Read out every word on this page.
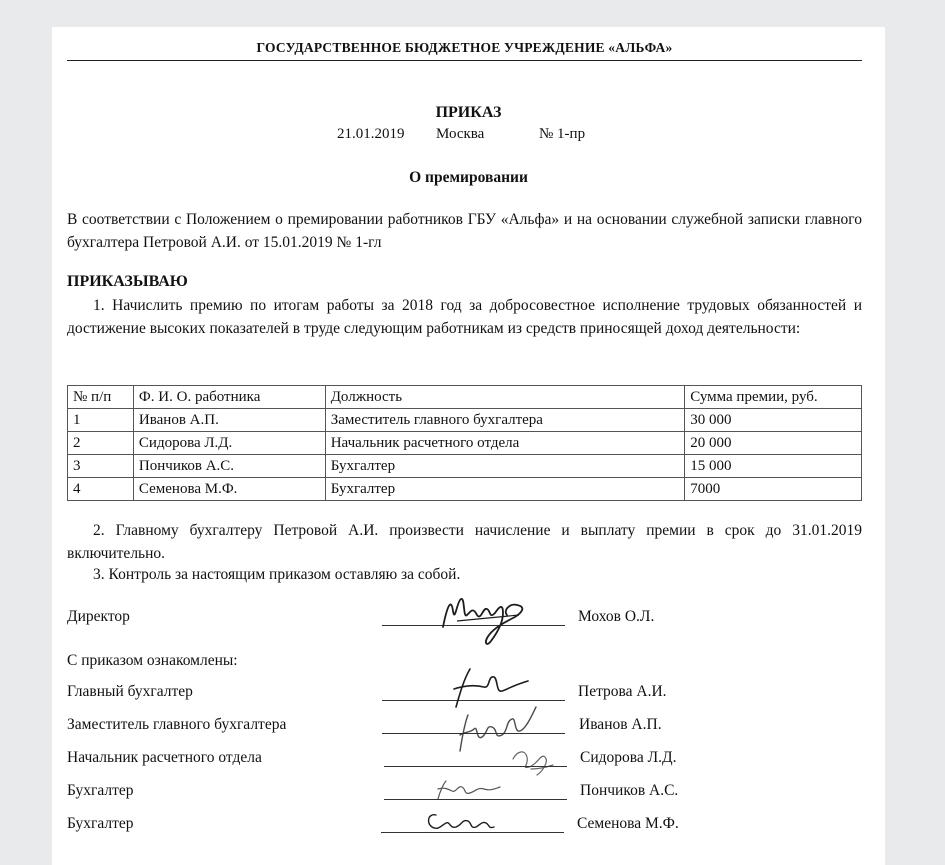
ГОСУДАРСТВЕННОЕ БЮДЖЕТНОЕ УЧРЕЖДЕНИЕ «АЛЬФА»
ПРИКАЗ
21.01.2019 Москва	№ 1-пр
О премировании
В соответствии с Положением о премировании работников ГБУ «Альфа» и на основании служебной записки главного бухгалтера Петровой А.И. от 15.01.2019 № 1-гл
ПРИКАЗЫВАЮ
1. Начислить премию по итогам работы за 2018 год за добросовестное исполнение трудовых обязанностей и достижение высоких показателей в труде следующим работникам из средств приносящей доход деятельности:
№ п/п	Ф. И. О. работника	Должность	Сумма премии, руб.
1	Иванов А.П.	Заместитель главного бухгалтера	30 000
2	Сидорова Л.Д.	Начальник расчетного отдела	20 000
3	Пончиков А.С.	Бухгалтер	15 000
4	Семенова М.Ф.	Бухгалтер	7000
2. Главному бухгалтеру Петровой А.И. произвести начисление и выплату премии в срок до 31.01.2019 включительно.
3. Контроль за настоящим приказом оставляю за собой.
Директор	Мохов О.Л.
С приказом ознакомлены:
Главный бухгалтер	Петрова А.И.
Заместитель главного бухгалтера	Иванов А.П.
Начальник расчетного отдела	Сидорова Л.Д.
Бухгалтер	Пончиков А.С.
Бухгалтер	Семенова М.Ф.
